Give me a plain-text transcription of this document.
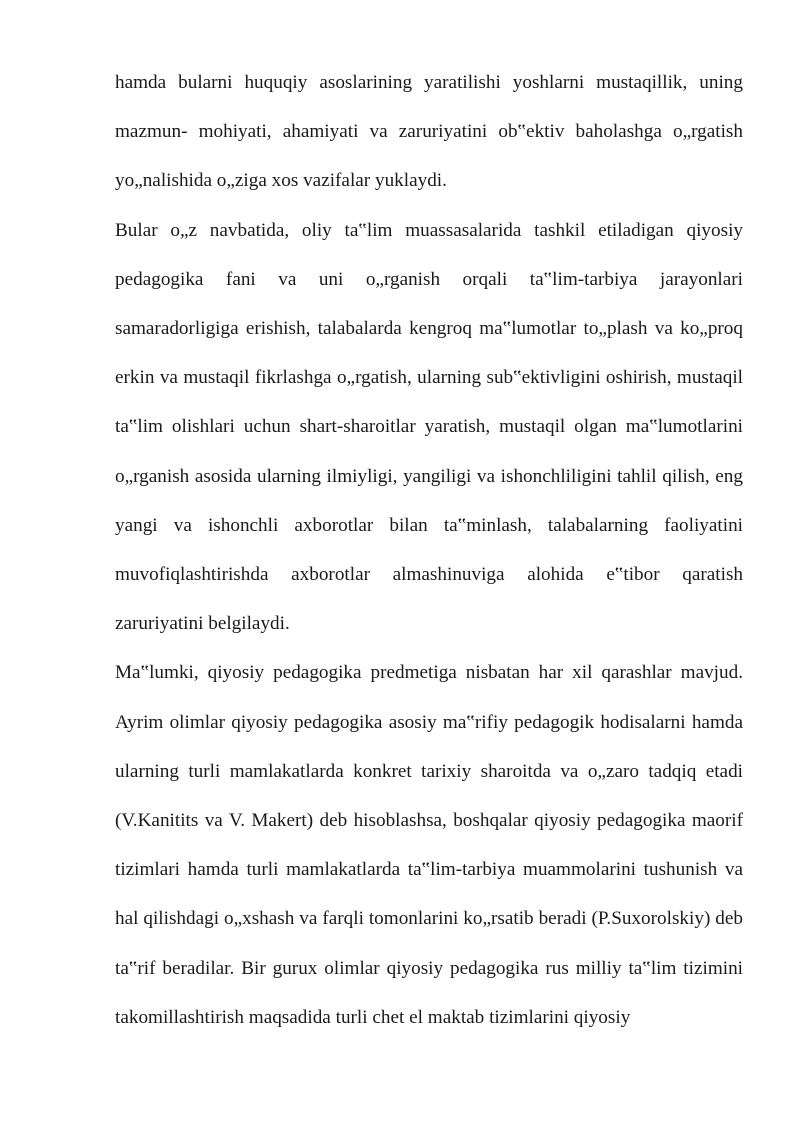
hamda bularni huquqiy asoslarining yaratilishi yoshlarni mustaqillik, uning mazmun- mohiyati, ahamiyati va zaruriyatini ob‟ektiv baholashga o„rgatish yo„nalishida o„ziga xos vazifalar yuklaydi.

Bular o„z navbatida, oliy ta‟lim muassasalarida tashkil etiladigan qiyosiy pedagogika fani va uni o„rganish orqali ta‟lim-tarbiya jarayonlari samaradorligiga erishish, talabalarda kengroq ma‟lumotlar to„plash va ko„proq erkin va mustaqil fikrlashga o„rgatish, ularning sub‟ektivligini oshirish, mustaqil ta‟lim olishlari uchun shart-sharoitlar yaratish, mustaqil olgan ma‟lumotlarini o„rganish asosida ularning ilmiyligi, yangiligi va ishonchliligini tahlil qilish, eng yangi va ishonchli axborotlar bilan ta‟minlash, talabalarning faoliyatini muvofiqlashtirishda axborotlar almashinuviga alohida e‟tibor qaratish zaruriyatini belgilaydi.

Ma‟lumki, qiyosiy pedagogika predmetiga nisbatan har xil qarashlar mavjud. Ayrim olimlar qiyosiy pedagogika asosiy ma‟rifiy pedagogik hodisalarni hamda ularning turli mamlakatlarda konkret tarixiy sharoitda va o„zaro tadqiq etadi (V.Kanitits va V. Makert) deb hisoblashsa, boshqalar qiyosiy pedagogika maorif tizimlari hamda turli mamlakatlarda ta‟lim-tarbiya muammolarini tushunish va hal qilishdagi o„xshash va farqli tomonlarini ko„rsatib beradi (P.Suxorolskiy) deb ta‟rif beradilar. Bir gurux olimlar qiyosiy pedagogika rus milliy ta‟lim tizimini takomillashtirish maqsadida turli chet el maktab tizimlarini qiyosiy
